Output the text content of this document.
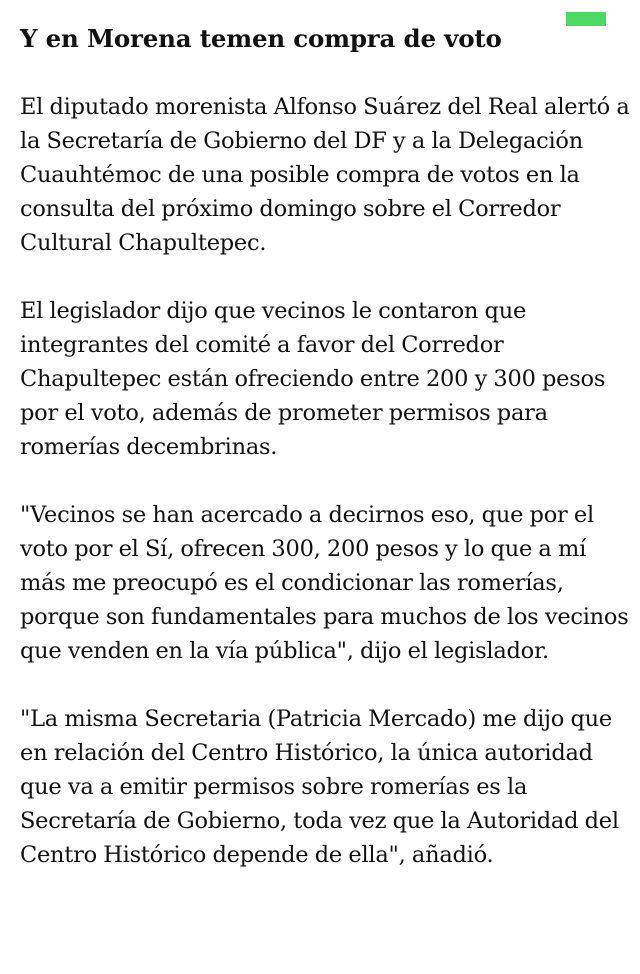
Y en Morena temen compra de voto

El diputado morenista Alfonso Suárez del Real alertó a la Secretaría de Gobierno del DF y a la Delegación Cuauhtémoc de una posible compra de votos en la consulta del próximo domingo sobre el Corredor Cultural Chapultepec.

El legislador dijo que vecinos le contaron que integrantes del comité a favor del Corredor Chapultepec están ofreciendo entre 200 y 300 pesos por el voto, además de prometer permisos para romerías decembrinas.

"Vecinos se han acercado a decirnos eso, que por el voto por el Sí, ofrecen 300, 200 pesos y lo que a mí más me preocupó es el condicionar las romerías, porque son fundamentales para muchos de los vecinos que venden en la vía pública", dijo el legislador.

"La misma Secretaria (Patricia Mercado) me dijo que en relación del Centro Histórico, la única autoridad que va a emitir permisos sobre romerías es la Secretaría de Gobierno, toda vez que la Autoridad del Centro Histórico depende de ella", añadió.
